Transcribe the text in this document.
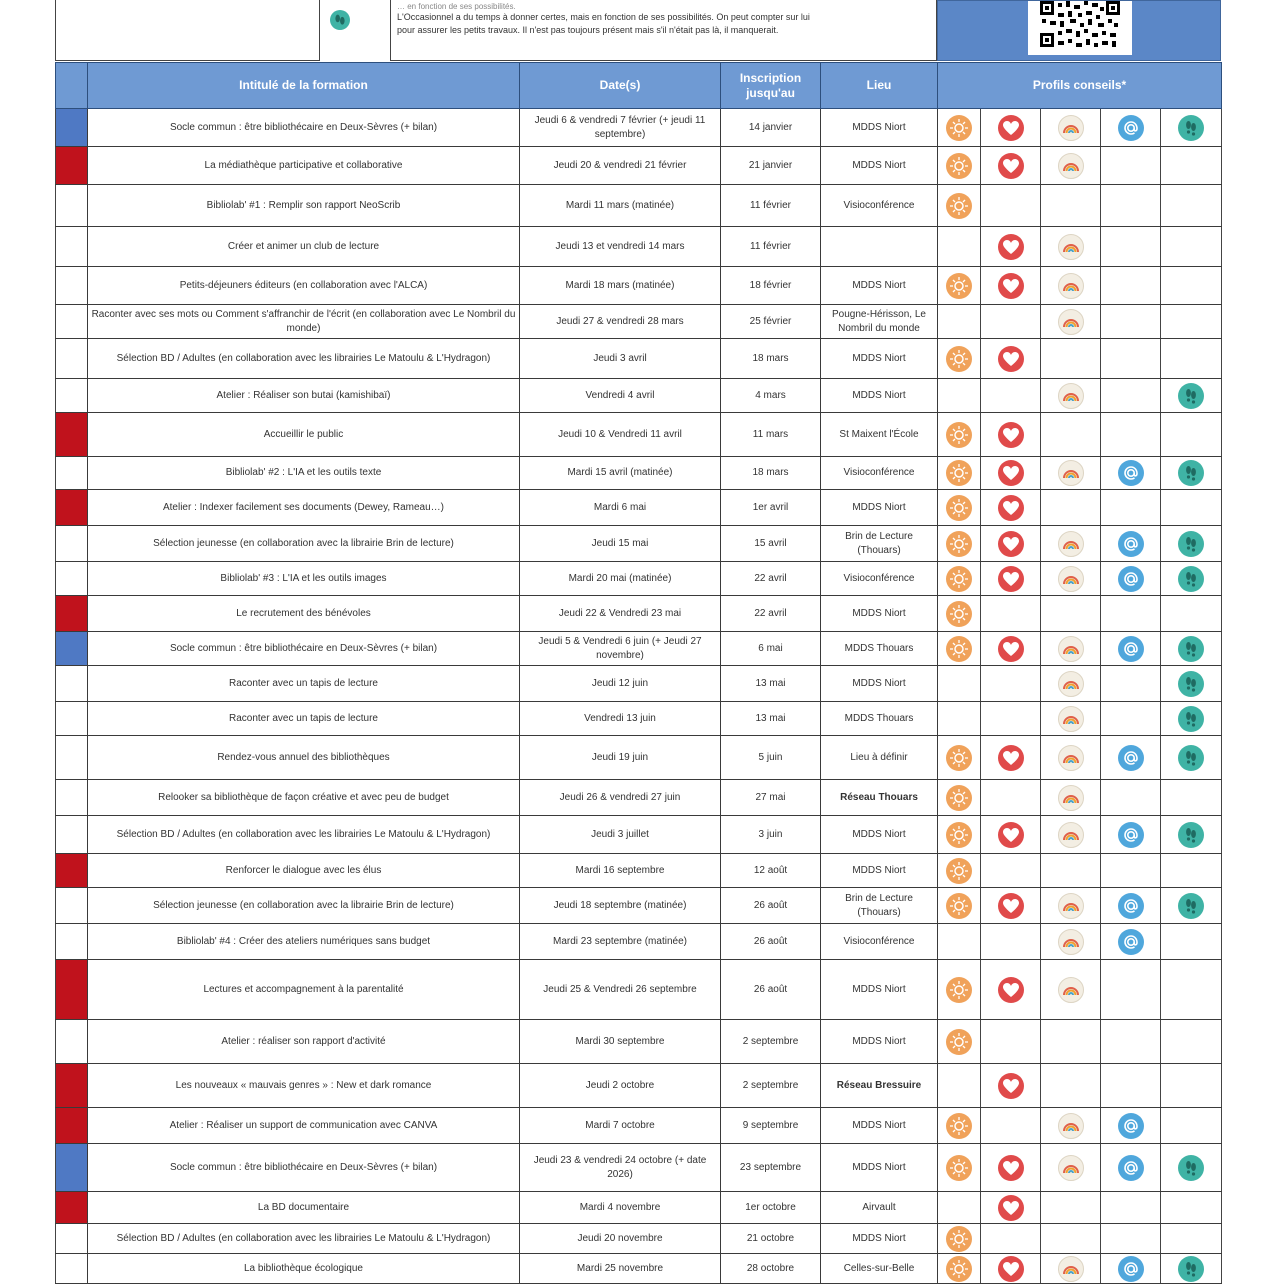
… en fonction de ses possibilités.
L'Occasionnel a du temps à donner certes, mais en fonction de ses possibilités. On peut compter sur lui
pour assurer les petits travaux. Il n'est pas toujours présent mais s'il n'était pas là, il manquerait.
	Intitulé de la formation	Date(s)	Inscription jusqu'au	Lieu	Profils conseils*				
	Socle commun : être bibliothécaire en Deux-Sèvres (+ bilan)	Jeudi 6 & vendredi 7 février (+ jeudi 11 septembre)	14 janvier	MDDS Niort	

	La médiathèque participative et collaborative	Jeudi 20 & vendredi 21 février	21 janvier	MDDS Niort	

	Bibliolab' #1 : Remplir son rapport NeoScrib	Mardi 11 mars (matinée)	11 février	Visioconférence	

	Créer et animer un club de lecture	Jeudi 13 et vendredi 14 mars	11 février			

	Petits-déjeuners éditeurs (en collaboration avec l'ALCA)	Mardi 18 mars (matinée)	18 février	MDDS Niort	

	Raconter avec ses mots ou Comment s'affranchir de l'écrit (en collaboration avec Le Nombril du monde)	Jeudi 27 & vendredi 28 mars	25 février	Pougne-Hérisson, Le Nombril du monde			

	Sélection BD / Adultes (en collaboration avec les librairies Le Matoulu & L'Hydragon)	Jeudi 3 avril	18 mars	MDDS Niort	

	Atelier : Réaliser son butai (kamishibaï)	Vendredi 4 avril	4 mars	MDDS Niort			

	Accueillir le public	Jeudi 10 & Vendredi 11 avril	11 mars	St Maixent l'École	

	Bibliolab' #2 : L'IA et les outils texte	Mardi 15 avril (matinée)	18 mars	Visioconférence	

	Atelier : Indexer facilement ses documents (Dewey, Rameau…)	Mardi 6 mai	1er avril	MDDS Niort	

	Sélection jeunesse (en collaboration avec la librairie Brin de lecture)	Jeudi 15 mai	15 avril	Brin de Lecture (Thouars)	

	Bibliolab' #3 : L'IA et les outils images	Mardi 20 mai (matinée)	22 avril	Visioconférence	

	Le recrutement des bénévoles	Jeudi 22 & Vendredi 23 mai	22 avril	MDDS Niort	

	Socle commun : être bibliothécaire en Deux-Sèvres (+ bilan)	Jeudi 5 & Vendredi 6 juin (+ Jeudi 27 novembre)	6 mai	MDDS Thouars	

	Raconter avec un tapis de lecture	Jeudi 12 juin	13 mai	MDDS Niort			

	Raconter avec un tapis de lecture	Vendredi 13 juin	13 mai	MDDS Thouars			

	Rendez-vous annuel des bibliothèques	Jeudi 19 juin	5 juin	Lieu à définir	

	Relooker sa bibliothèque de façon créative et avec peu de budget	Jeudi 26 & vendredi 27 juin	27 mai	Réseau Thouars	

	Sélection BD / Adultes (en collaboration avec les librairies Le Matoulu & L'Hydragon)	Jeudi 3 juillet	3 juin	MDDS Niort	

	Renforcer le dialogue avec les élus	Mardi 16 septembre	12 août	MDDS Niort	

	Sélection jeunesse (en collaboration avec la librairie Brin de lecture)	Jeudi 18 septembre (matinée)	26 août	Brin de Lecture (Thouars)	

	Bibliolab' #4 : Créer des ateliers numériques sans budget	Mardi 23 septembre (matinée)	26 août	Visioconférence			

	Lectures et accompagnement à la parentalité	Jeudi 25 & Vendredi 26 septembre	26 août	MDDS Niort	

	Atelier : réaliser son rapport d'activité	Mardi 30 septembre	2 septembre	MDDS Niort	

	Les nouveaux « mauvais genres » : New et dark romance	Jeudi 2 octobre	2 septembre	Réseau Bressuire		

	Atelier : Réaliser un support de communication avec CANVA	Mardi 7 octobre	9 septembre	MDDS Niort	

	Socle commun : être bibliothécaire en Deux-Sèvres (+ bilan)	Jeudi 23 & vendredi 24 octobre (+ date 2026)	23 septembre	MDDS Niort	

	La BD documentaire	Mardi 4 novembre	1er octobre	Airvault		

	Sélection BD / Adultes (en collaboration avec les librairies Le Matoulu & L'Hydragon)	Jeudi 20 novembre	21 octobre	MDDS Niort	

	La bibliothèque écologique	Mardi 25 novembre	28 octobre	Celles-sur-Belle	
